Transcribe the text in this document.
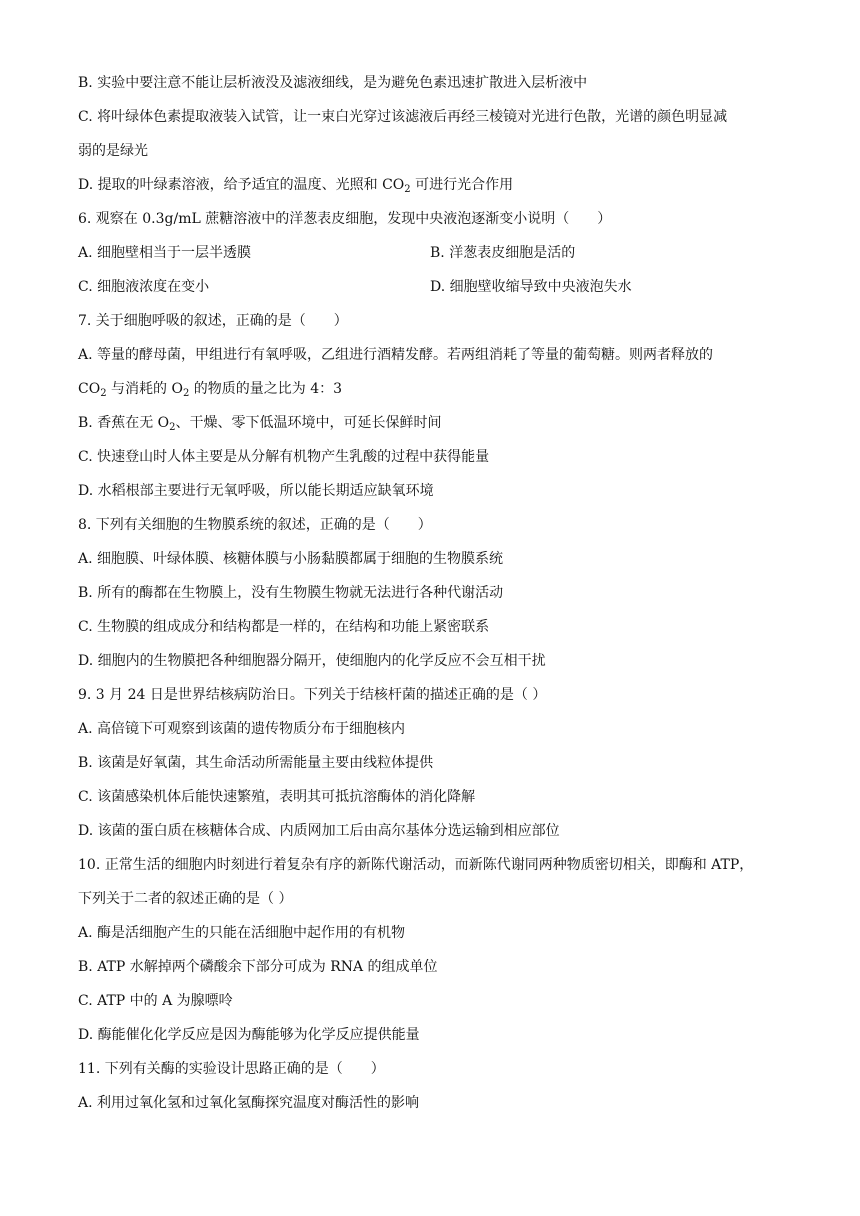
B. 实验中要注意不能让层析液没及滤液细线，是为避免色素迅速扩散进入层析液中
C. 将叶绿体色素提取液装入试管，让一束白光穿过该滤液后再经三棱镜对光进行色散，光谱的颜色明显减
弱的是绿光
D. 提取的叶绿素溶液，给予适宜的温度、光照和 $CO_2$ 可进行光合作用
6. 观察在 0.3g/mL 蔗糖溶液中的洋葱表皮细胞，发现中央液泡逐渐变小说明（　　）
A. 细胞壁相当于一层半透膜	B. 洋葱表皮细胞是活的
C. 细胞液浓度在变小	D. 细胞壁收缩导致中央液泡失水
7. 关于细胞呼吸的叙述，正确的是（　　）
A. 等量的酵母菌，甲组进行有氧呼吸，乙组进行酒精发酵。若两组消耗了等量的葡萄糖。则两者释放的
$CO_2$ 与消耗的 $O_2$ 的物质的量之比为 4：3
B. 香蕉在无 $O_2$、干燥、零下低温环境中，可延长保鲜时间
C. 快速登山时人体主要是从分解有机物产生乳酸的过程中获得能量
D. 水稻根部主要进行无氧呼吸，所以能长期适应缺氧环境
8. 下列有关细胞的生物膜系统的叙述，正确的是（　　）
A. 细胞膜、叶绿体膜、核糖体膜与小肠黏膜都属于细胞的生物膜系统
B. 所有的酶都在生物膜上，没有生物膜生物就无法进行各种代谢活动
C. 生物膜的组成成分和结构都是一样的，在结构和功能上紧密联系
D. 细胞内的生物膜把各种细胞器分隔开，使细胞内的化学反应不会互相干扰
9. 3 月 24 日是世界结核病防治日。下列关于结核杆菌的描述正确的是（ ）
A. 高倍镜下可观察到该菌的遗传物质分布于细胞核内
B. 该菌是好氧菌，其生命活动所需能量主要由线粒体提供
C. 该菌感染机体后能快速繁殖，表明其可抵抗溶酶体的消化降解
D. 该菌的蛋白质在核糖体合成、内质网加工后由高尔基体分选运输到相应部位
10. 正常生活的细胞内时刻进行着复杂有序的新陈代谢活动，而新陈代谢同两种物质密切相关，即酶和 ATP，
下列关于二者的叙述正确的是（ ）
A. 酶是活细胞产生的只能在活细胞中起作用的有机物
B. ATP 水解掉两个磷酸余下部分可成为 RNA 的组成单位
C. ATP 中的 A 为腺嘌呤
D. 酶能催化化学反应是因为酶能够为化学反应提供能量
11. 下列有关酶的实验设计思路正确的是（　　）
A. 利用过氧化氢和过氧化氢酶探究温度对酶活性的影响
